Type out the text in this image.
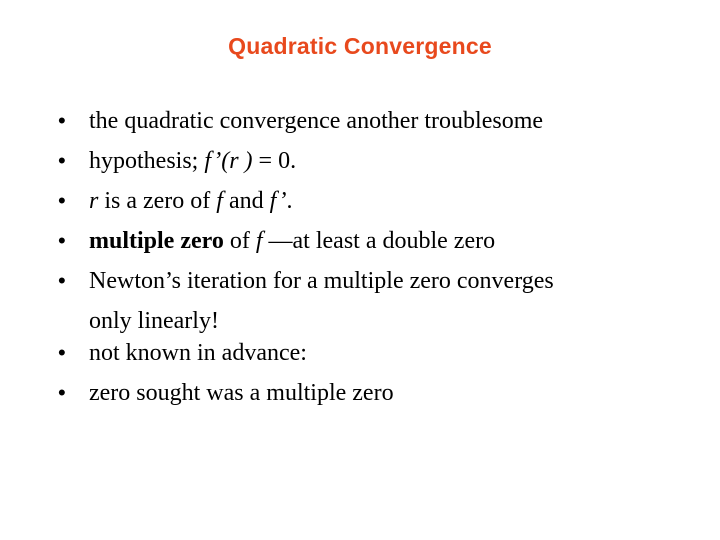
Quadratic Convergence
• the quadratic convergence another troublesome
• hypothesis; f’(r ) = 0.
• r is a zero of f and f’.
• multiple zero of f —at least a double zero
• Newton’s iteration for a multiple zero converges
only linearly!
• not known in advance:
• zero sought was a multiple zero
